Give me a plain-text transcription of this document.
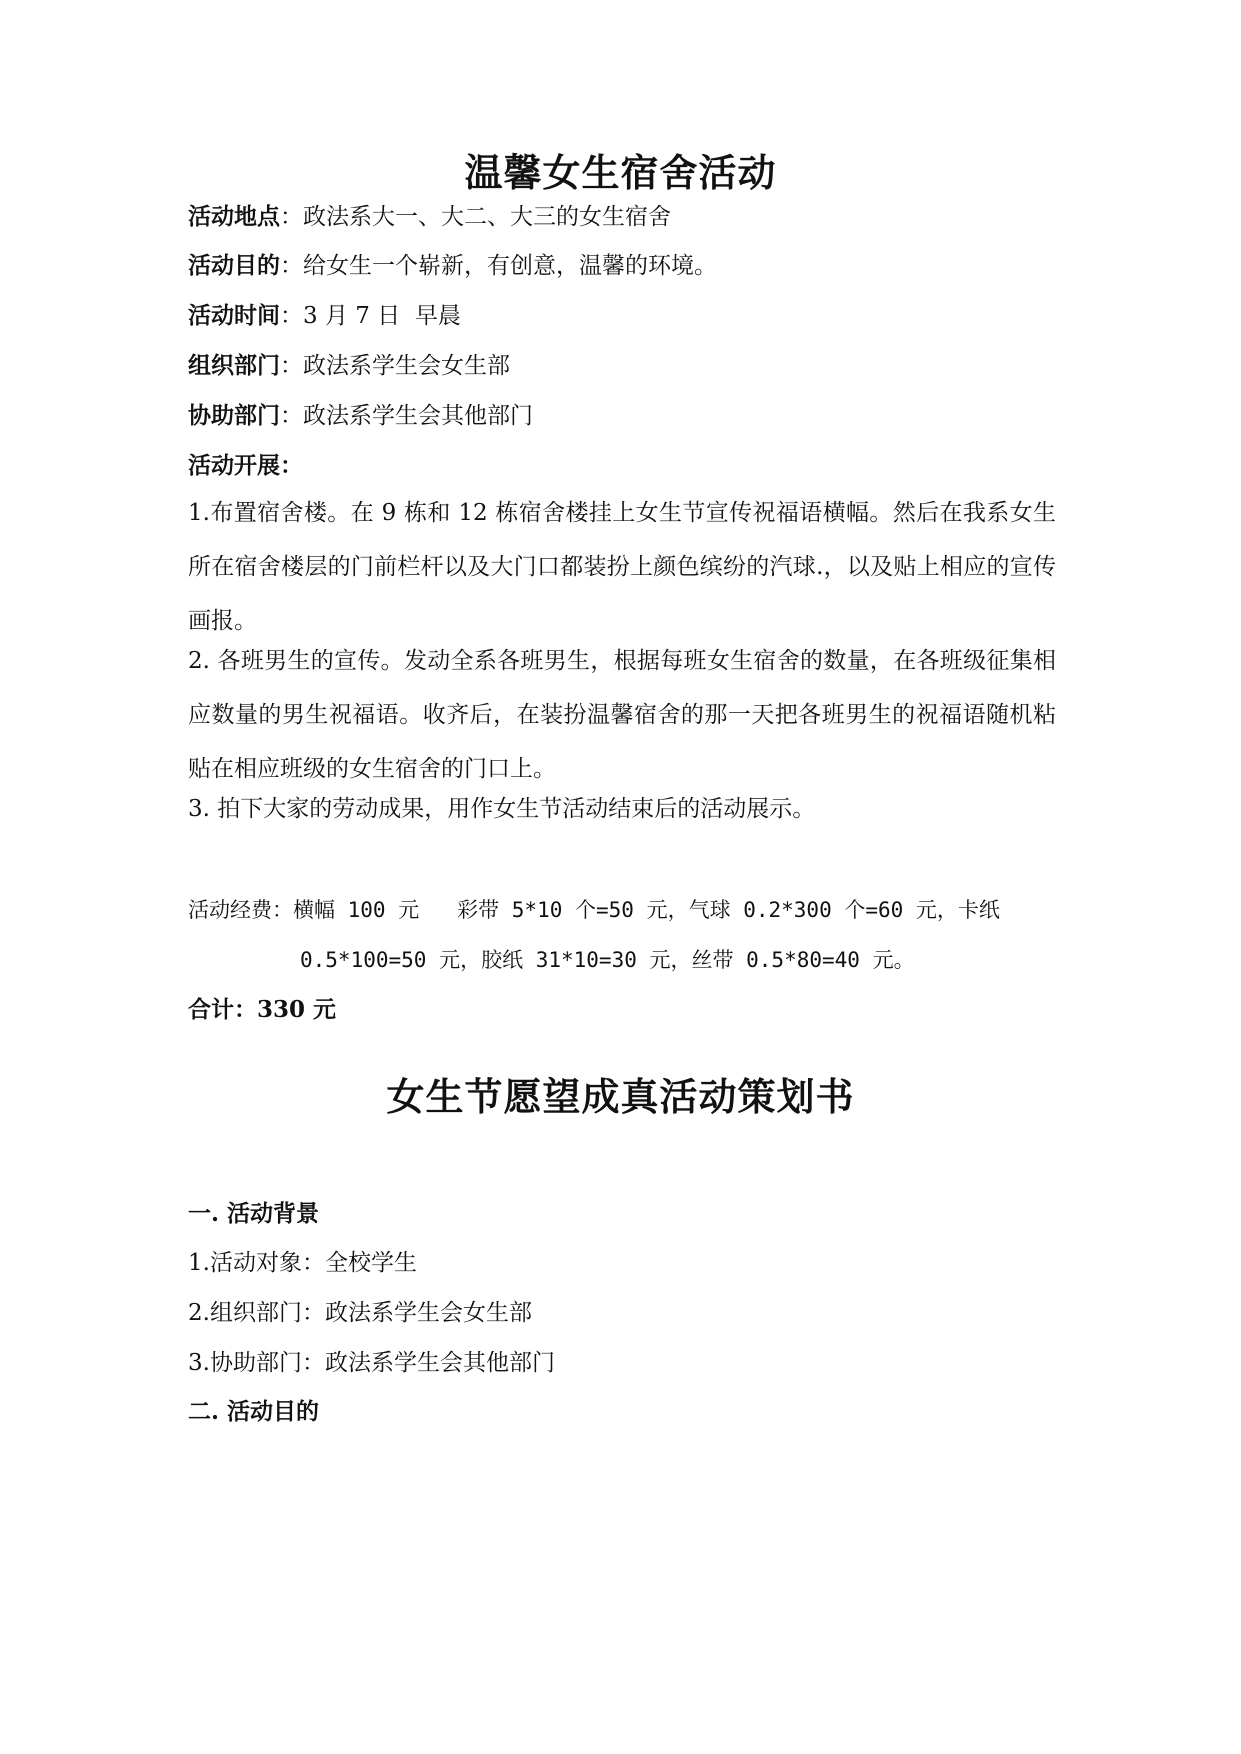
温馨女生宿舍活动

活动地点：政法系大一、大二、大三的女生宿舍

活动目的：给女生一个崭新，有创意，温馨的环境。

活动时间：3 月 7 日  早晨

组织部门：政法系学生会女生部

协助部门：政法系学生会其他部门

活动开展：

1.布置宿舍楼。在 9 栋和 12 栋宿舍楼挂上女生节宣传祝福语横幅。然后在我系女生所在宿舍楼层的门前栏杆以及大门口都装扮上颜色缤纷的汽球.，以及贴上相应的宣传画报。

2. 各班男生的宣传。发动全系各班男生，根据每班女生宿舍的数量，在各班级征集相应数量的男生祝福语。收齐后，在装扮温馨宿舍的那一天把各班男生的祝福语随机粘贴在相应班级的女生宿舍的门口上。

3. 拍下大家的劳动成果，用作女生节活动结束后的活动展示。

活动经费：横幅 100 元   彩带 5*10 个=50 元，气球 0.2*300 个=60 元，卡纸

0.5*100=50 元，胶纸 31*10=30 元，丝带 0.5*80=40 元。

合计：330 元

女生节愿望成真活动策划书

一. 活动背景

1.活动对象：全校学生

2.组织部门：政法系学生会女生部

3.协助部门：政法系学生会其他部门

二. 活动目的
